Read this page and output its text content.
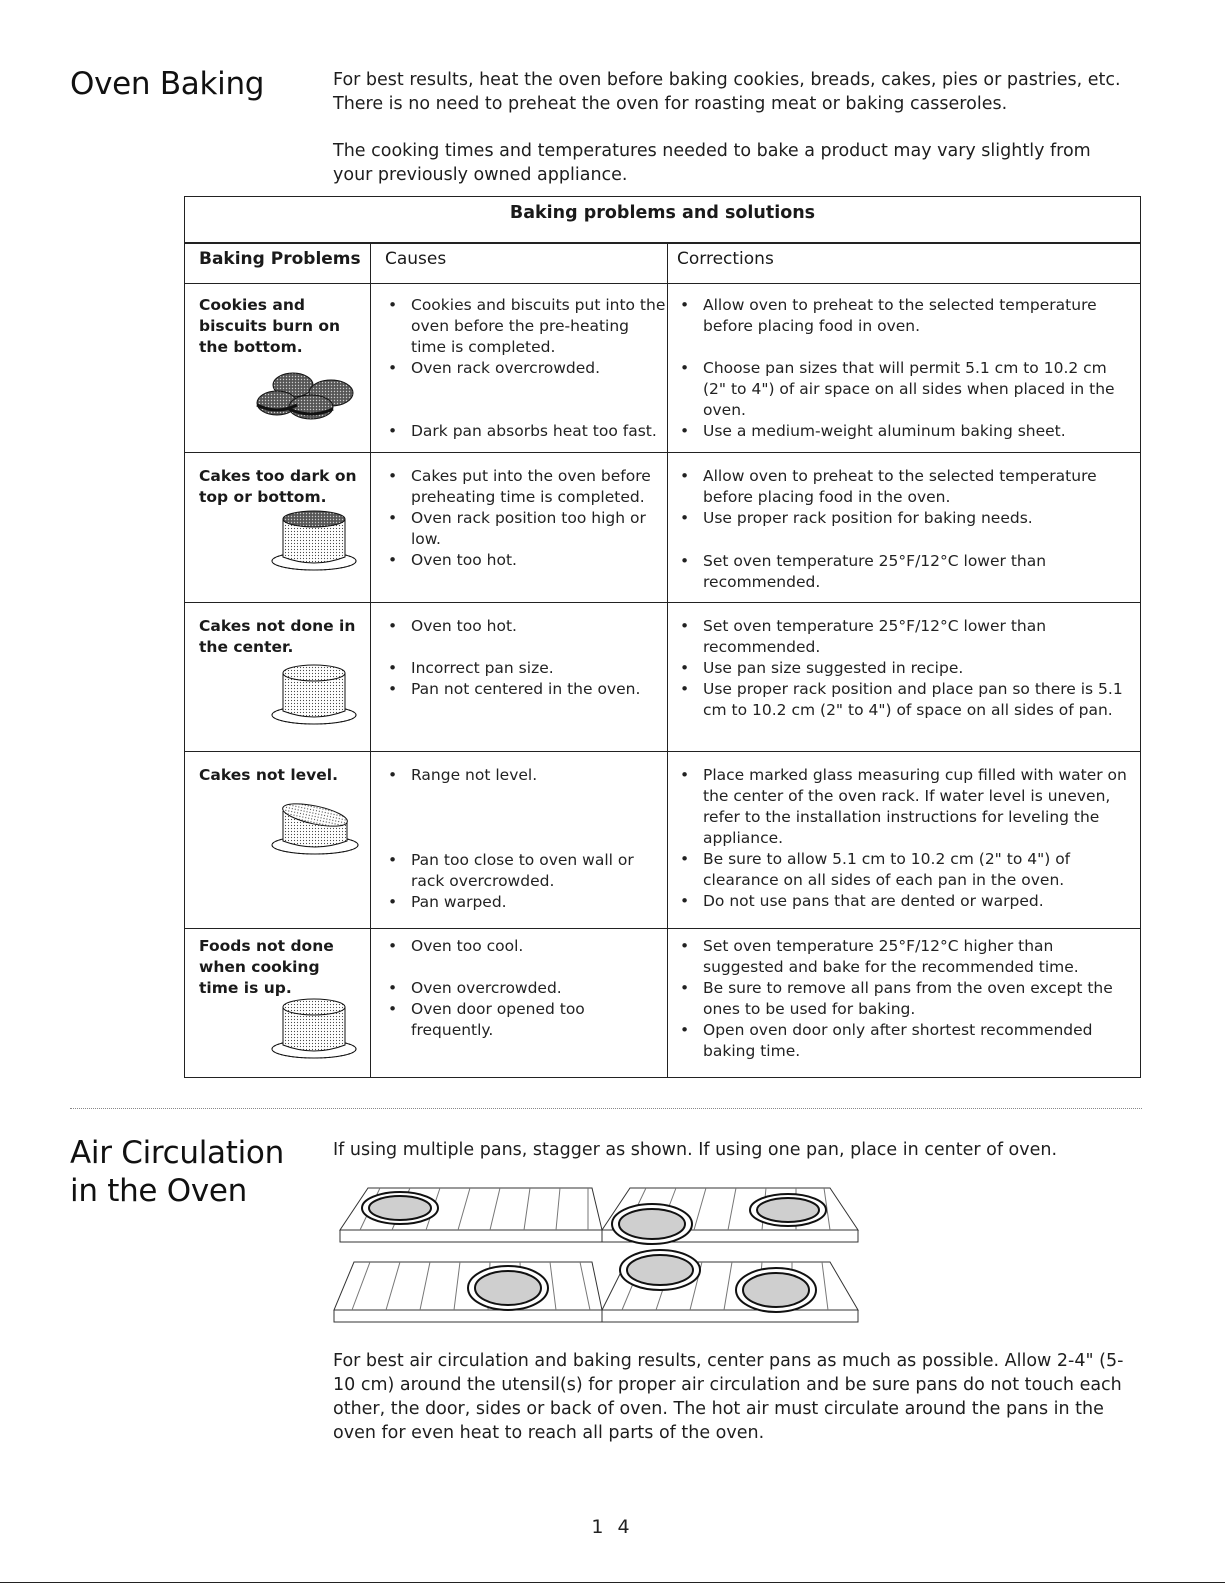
Oven Baking	For best results, heat the oven before baking cookies, breads, cakes, pies or pastries, etc. There is no need to preheat the oven for roasting meat or baking casseroles.
The cooking times and temperatures needed to bake a product may vary slightly from your previously owned appliance.
Baking problems and solutions
Baking Problems Causes	Corrections
Cookies and biscuits burn on the bottom.
• Cookies and biscuits put into the oven before the pre-heating time is completed.
• Oven rack overcrowded.
• Dark pan absorbs heat too fast.
• Allow oven to preheat to the selected temperature before placing food in oven.
• Choose pan sizes that will permit 5.1 cm to 10.2 cm (2" to 4") of air space on all sides when placed in the oven.
• Use a medium-weight aluminum baking sheet.
Cakes too dark on top or bottom.
• Cakes put into the oven before preheating time is completed.
• Oven rack position too high or low.
• Oven too hot.
• Allow oven to preheat to the selected temperature before placing food in the oven.
• Use proper rack position for baking needs.
• Set oven temperature 25°F/12°C lower than recommended.
Cakes not done in the center.
• Oven too hot.
• Incorrect pan size.
• Pan not centered in the oven.
• Set oven temperature 25°F/12°C lower than recommended.
• Use pan size suggested in recipe.
• Use proper rack position and place pan so there is 5.1 cm to 10.2 cm (2" to 4") of space on all sides of pan.
Cakes not level.
•	Range not level.
• Pan too close to oven wall or rack overcrowded.
• Pan warped.
• Place marked glass measuring cup filled with water on the center of the oven rack. If water level is uneven, refer to the installation instructions for leveling the appliance.
• Be sure to allow 5.1 cm to 10.2 cm (2" to 4") of clearance on all sides of each pan in the oven.
• Do not use pans that are dented or warped.
Foods not done when cooking time is up.
• Oven too cool.
• Oven overcrowded.
• Oven door opened too frequently.
• Set oven temperature 25°F/12°C higher than suggested and bake for the recommended time.
• Be sure to remove all pans from the oven except the ones to be used for baking.
• Open oven door only after shortest recommended baking time.
Air Circulation
in the Oven
If using multiple pans, stagger as shown. If using one pan, place in center of oven.
For best air circulation and baking results, center pans as much as possible. Allow 2-4" (5-10 cm) around the utensil(s) for proper air circulation and be sure pans do not touch each other, the door, sides or back of oven. The hot air must circulate around the pans in the oven for even heat to reach all parts of the oven.
1 4
